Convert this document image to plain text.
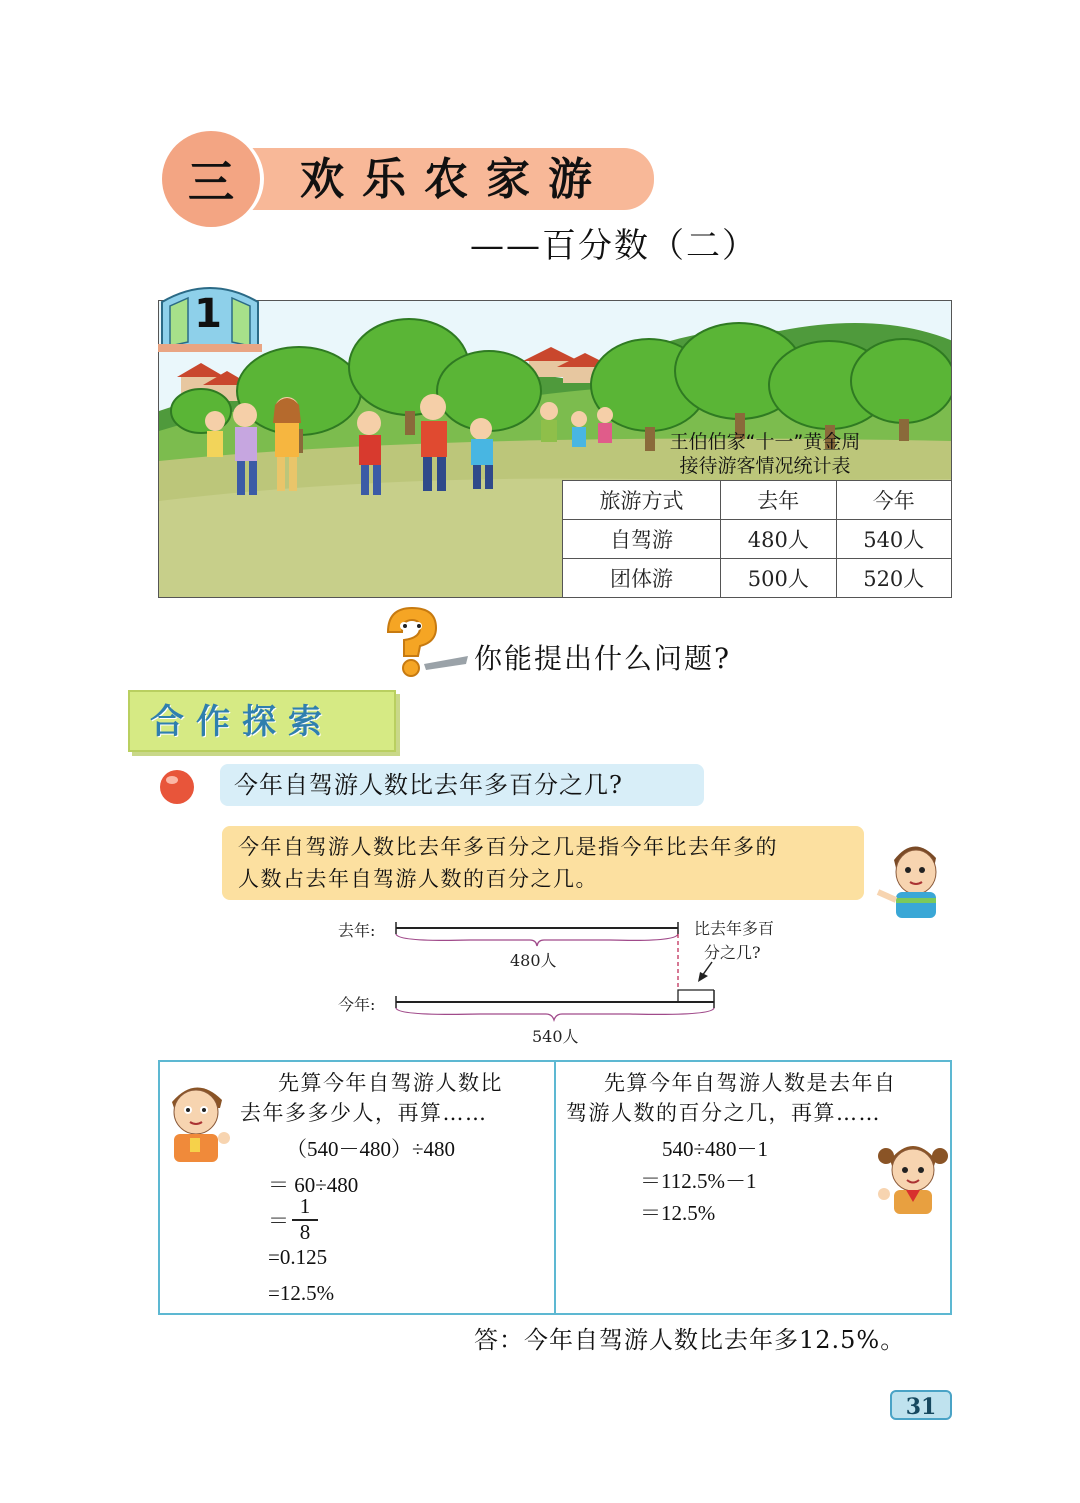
三 欢乐农家游
——百分数（二）
1
王伯伯家“十一”黄金周
接待游客情况统计表
旅游方式	去年	今年
自驾游	480人	540人
团体游	500人	520人
你能提出什么问题?
合作探索
今年自驾游人数比去年多百分之几?
今年自驾游人数比去年多百分之几是指今年比去年多的
人数占去年自驾游人数的百分之几。
去年:
480人
比去年多百
分之几?
今年:
540人
先算今年自驾游人数比
去年多多少人，再算……
（540－480）÷480
＝ 60÷480
＝
1
8
=0.125
=12.5%
先算今年自驾游人数是去年自
驾游人数的百分之几，再算……
540÷480－1
＝112.5%－1
＝12.5%
答：今年自驾游人数比去年多12.5%。
31
